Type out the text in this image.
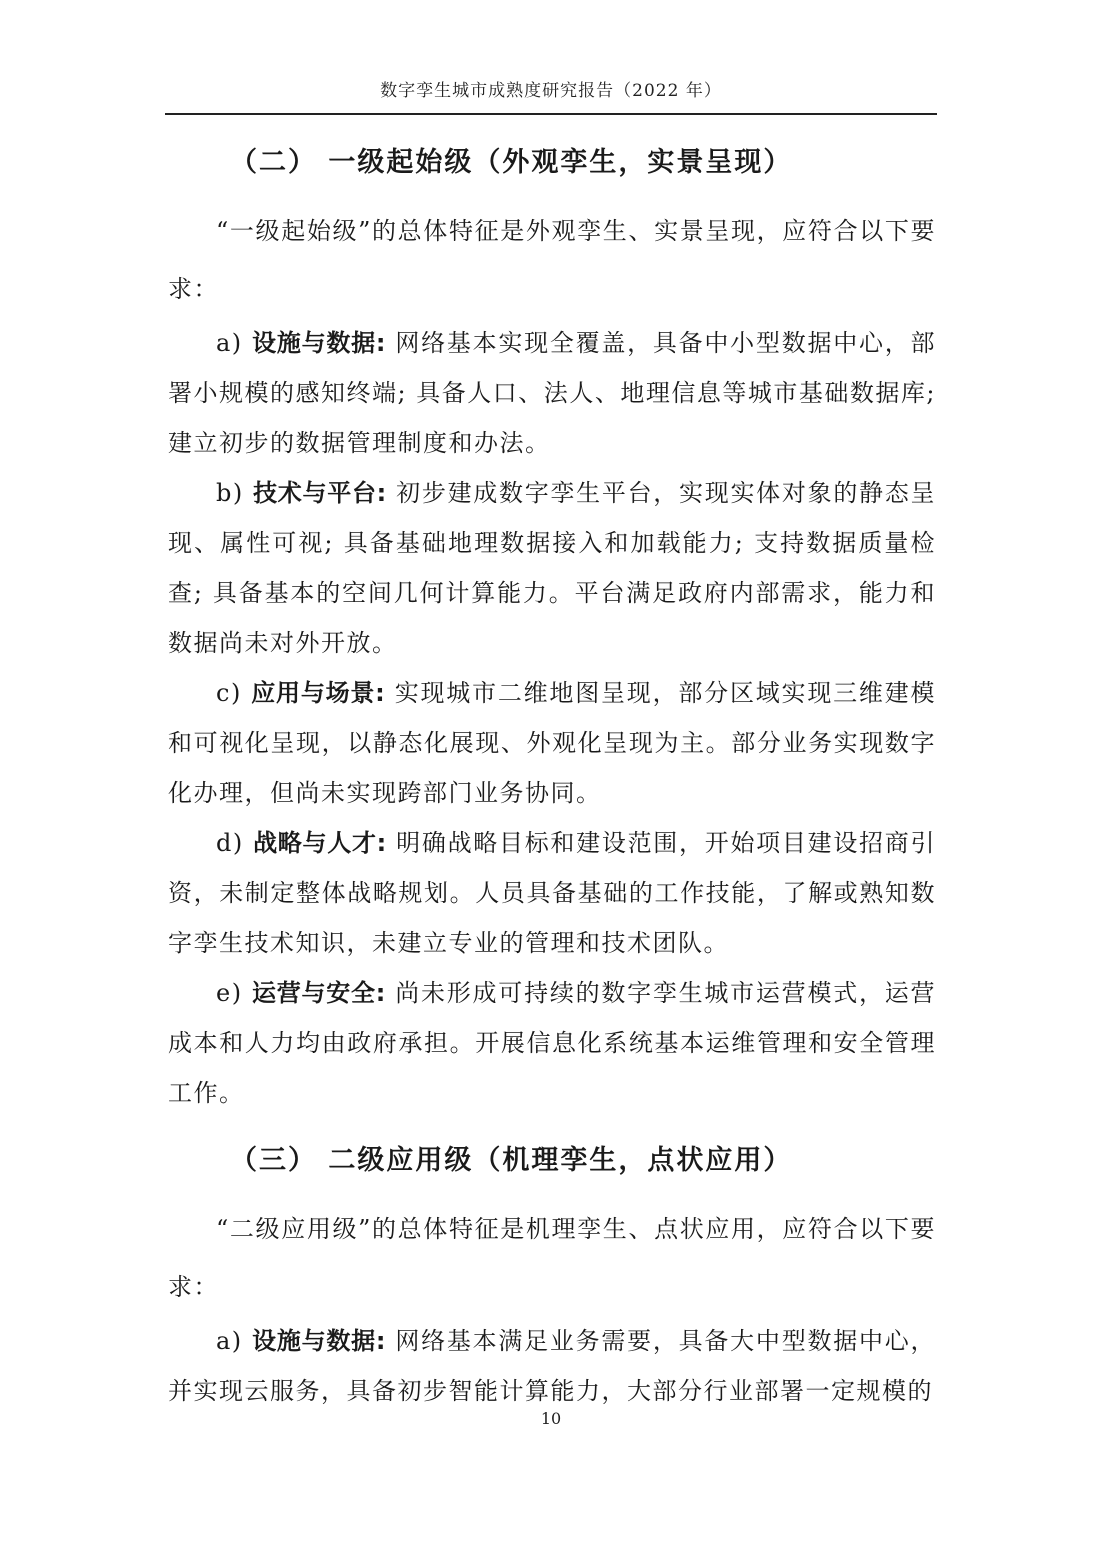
数字孪生城市成熟度研究报告（2022 年）
（二） 一级起始级（外观孪生，实景呈现）

“一级起始级”的总体特征是外观孪生、实景呈现，应符合以下要求：

a) 设施与数据: 网络基本实现全覆盖，具备中小型数据中心，部署小规模的感知终端; 具备人口、法人、地理信息等城市基础数据库; 建立初步的数据管理制度和办法。

b) 技术与平台: 初步建成数字孪生平台，实现实体对象的静态呈现、属性可视; 具备基础地理数据接入和加载能力; 支持数据质量检查; 具备基本的空间几何计算能力。平台满足政府内部需求，能力和数据尚未对外开放。

c) 应用与场景: 实现城市二维地图呈现，部分区域实现三维建模和可视化呈现，以静态化展现、外观化呈现为主。部分业务实现数字化办理，但尚未实现跨部门业务协同。

d) 战略与人才: 明确战略目标和建设范围，开始项目建设招商引资，未制定整体战略规划。人员具备基础的工作技能，了解或熟知数字孪生技术知识，未建立专业的管理和技术团队。

e) 运营与安全: 尚未形成可持续的数字孪生城市运营模式，运营成本和人力均由政府承担。开展信息化系统基本运维管理和安全管理工作。

（三） 二级应用级（机理孪生，点状应用）

“二级应用级”的总体特征是机理孪生、点状应用，应符合以下要求：

a) 设施与数据: 网络基本满足业务需要，具备大中型数据中心，并实现云服务，具备初步智能计算能力，大部分行业部署一定规模的

10
